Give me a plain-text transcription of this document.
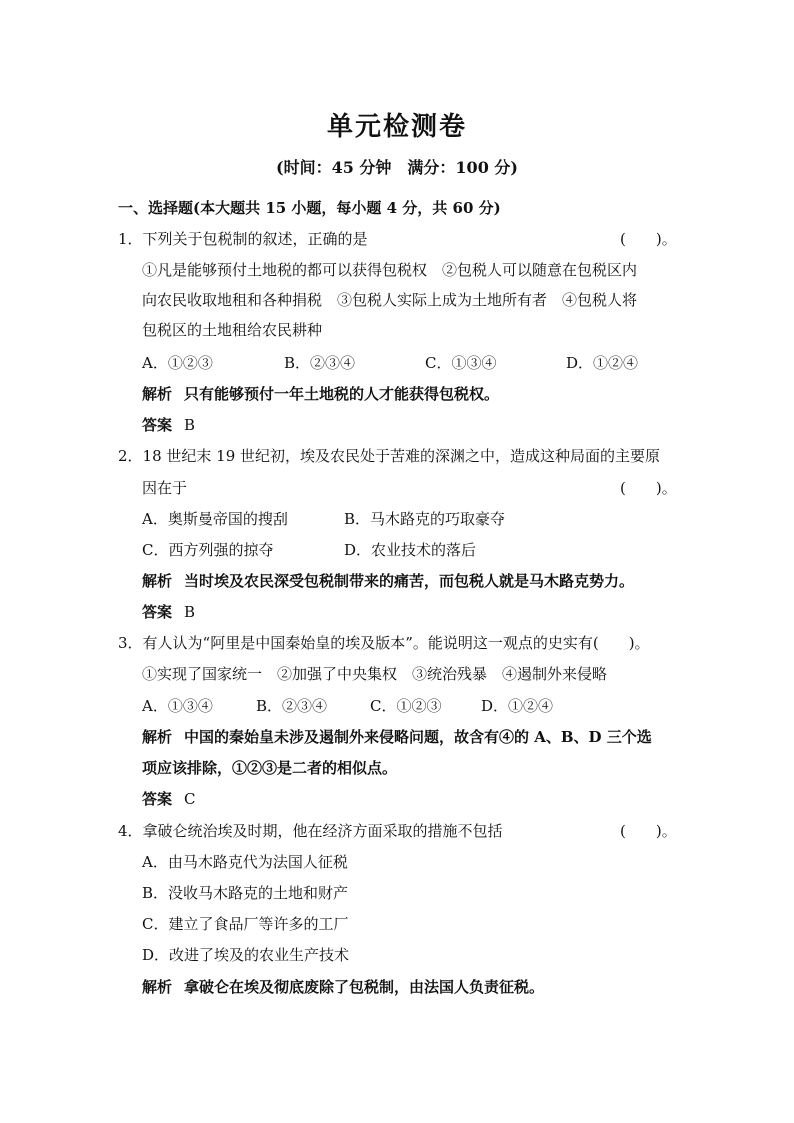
单元检测卷
(时间：45 分钟　满分：100 分)
一、选择题(本大题共 15 小题，每小题 4 分，共 60 分)
1．下列关于包税制的叙述，正确的是	(　　)。
①凡是能够预付土地税的都可以获得包税权　②包税人可以随意在包税区内
向农民收取地租和各种捐税　③包税人实际上成为土地所有者　④包税人将
包税区的土地租给农民耕种
A．①②③	B．②③④	C．①③④	D．①②④
解析 只有能够预付一年土地税的人才能获得包税权。
答案 B
2．18 世纪末 19 世纪初，埃及农民处于苦难的深渊之中，造成这种局面的主要原
因在于	(　　)。
A．奥斯曼帝国的搜刮	B．马木路克的巧取豪夺
C．西方列强的掠夺	D．农业技术的落后
解析 当时埃及农民深受包税制带来的痛苦，而包税人就是马木路克势力。
答案 B
3．有人认为“阿里是中国秦始皇的埃及版本”。能说明这一观点的史实有(　　)。
①实现了国家统一　②加强了中央集权　③统治残暴　④遏制外来侵略
A．①③④	B．②③④	C．①②③	D．①②④
解析 中国的秦始皇未涉及遏制外来侵略问题，故含有④的 A、B、D 三个选
项应该排除，①②③是二者的相似点。
答案 C
4．拿破仑统治埃及时期，他在经济方面采取的措施不包括	(　　)。
A．由马木路克代为法国人征税
B．没收马木路克的土地和财产
C．建立了食品厂等许多的工厂
D．改进了埃及的农业生产技术
解析 拿破仑在埃及彻底废除了包税制，由法国人负责征税。
